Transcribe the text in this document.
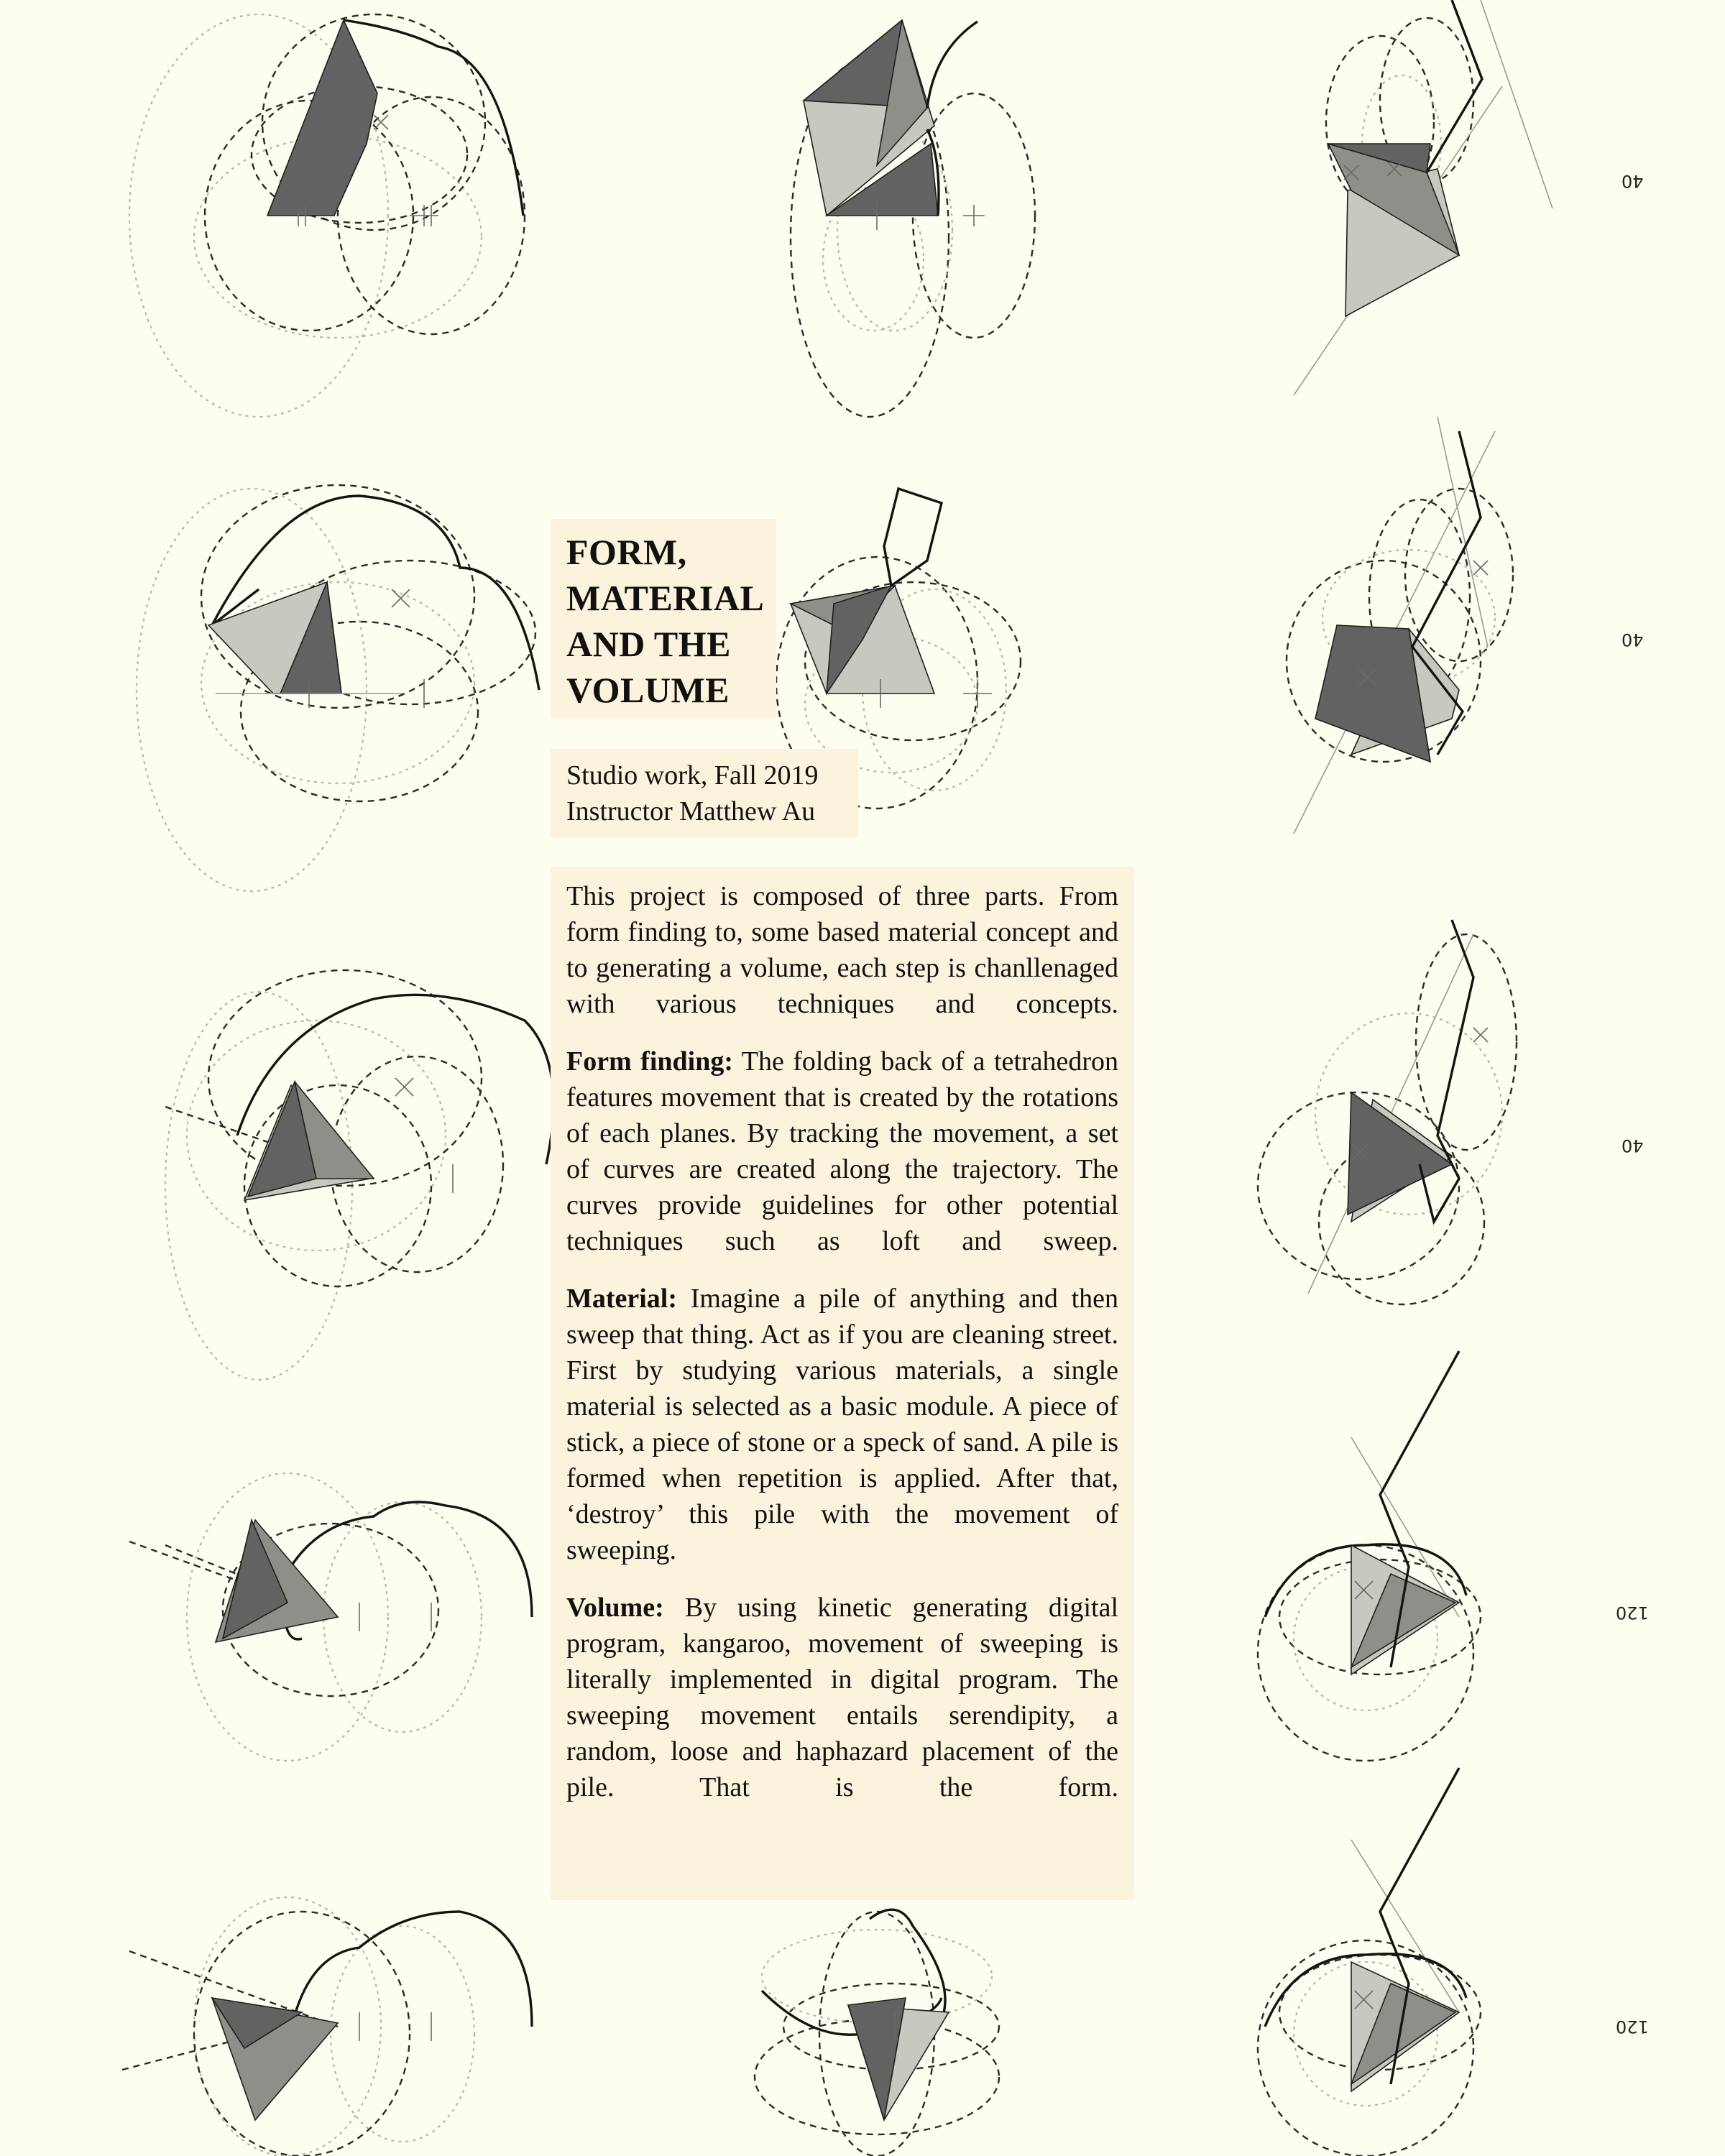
40
40
40
120
120
FORM,
MATERIAL
AND THE
VOLUME
Studio work, Fall 2019
Instructor Matthew Au

This project is composed of three parts. From form finding to, some based material concept and to generating a volume, each step is chanllenaged with various techniques and concepts.

Form finding: The folding back of a tetrahedron features movement that is created by the rotations of each planes. By tracking the movement, a set of curves are created along the trajectory. The curves provide guidelines for other potential techniques such as loft and sweep.

Material: Imagine a pile of anything and then sweep that thing. Act as if you are cleaning street. First by studying various materials, a single material is selected as a basic module. A piece of stick, a piece of stone or a speck of sand. A pile is formed when repetition is applied. After that, ‘destroy’ this pile with the movement of sweeping.

Volume: By using kinetic generating digital program, kangaroo, movement of sweeping is literally implemented in digital program. The sweeping movement entails serendipity, a random, loose and haphazard placement of the pile. That is the form.
